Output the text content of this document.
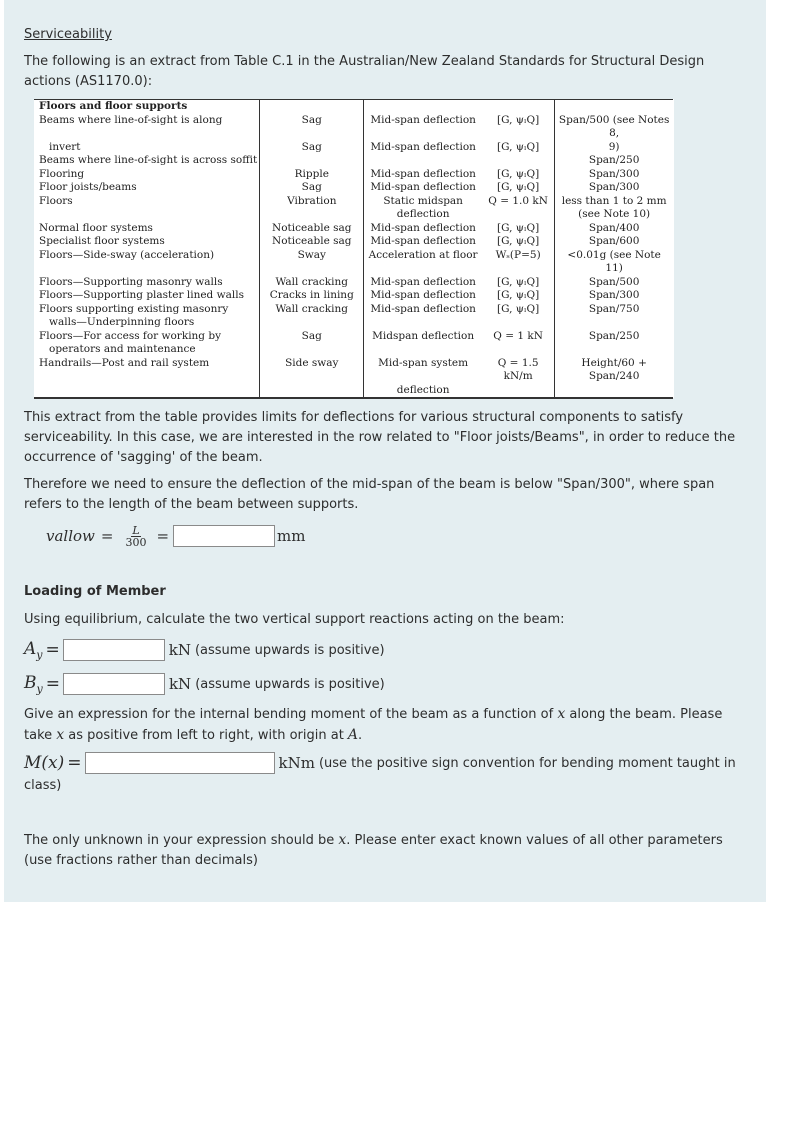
Serviceability
The following is an extract from Table C.1 in the Australian/New Zealand Standards for Structural Design actions (AS1170.0):
Floors and floor supports				
Beams where line-of-sight is along	Sag	Mid-span deflection	[G, ψₗQ]	Span/500 (see Notes 8,
invert	Sag	Mid-span deflection	[G, ψₗQ]	9)
Beams where line-of-sight is across soffit				Span/250
Flooring	Ripple	Mid-span deflection	[G, ψₗQ]	Span/300
Floor joists/beams	Sag	Mid-span deflection	[G, ψₗQ]	Span/300
Floors	Vibration	Static midspan	Q = 1.0 kN	less than 1 to 2 mm
		deflection		(see Note 10)
Normal floor systems	Noticeable sag	Mid-span deflection	[G, ψₗQ]	Span/400
Specialist floor systems	Noticeable sag	Mid-span deflection	[G, ψₗQ]	Span/600
Floors—Side-sway (acceleration)	Sway	Acceleration at floor	Wₛ(P=5)	<0.01g (see Note 11)
Floors—Supporting masonry walls	Wall cracking	Mid-span deflection	[G, ψₗQ]	Span/500
Floors—Supporting plaster lined walls	Cracks in lining	Mid-span deflection	[G, ψₗQ]	Span/300
Floors supporting existing masonry	Wall cracking	Mid-span deflection	[G, ψₗQ]	Span/750
walls—Underpinning floors				
Floors—For access for working by	Sag	Midspan deflection	Q = 1 kN	Span/250
operators and maintenance				
Handrails—Post and rail system	Side sway	Mid-span system	Q = 1.5 kN/m	Height/60 + Span/240
		deflection		
This extract from the table provides limits for deflections for various structural components to satisfy serviceability. In this case, we are interested in the row related to "Floor joists/Beams", in order to reduce the occurrence of 'sagging' of the beam.
Therefore we need to ensure the deflection of the mid-span of the beam is below "Span/300", where span refers to the length of the beam between supports.
vallow = $\frac{L}{300}$ =	mm
Loading of Member
Using equilibrium, calculate the two vertical support reactions acting on the beam:
$A_y$ =	kN (assume upwards is positive)
$B_y$ =	kN (assume upwards is positive)
Give an expression for the internal bending moment of the beam as a function of x along the beam. Please take x as positive from left to right, with origin at A.
M(x) =	kNm (use the positive sign convention for bending moment taught in
class)
The only unknown in your expression should be x. Please enter exact known values of all other parameters (use fractions rather than decimals)
